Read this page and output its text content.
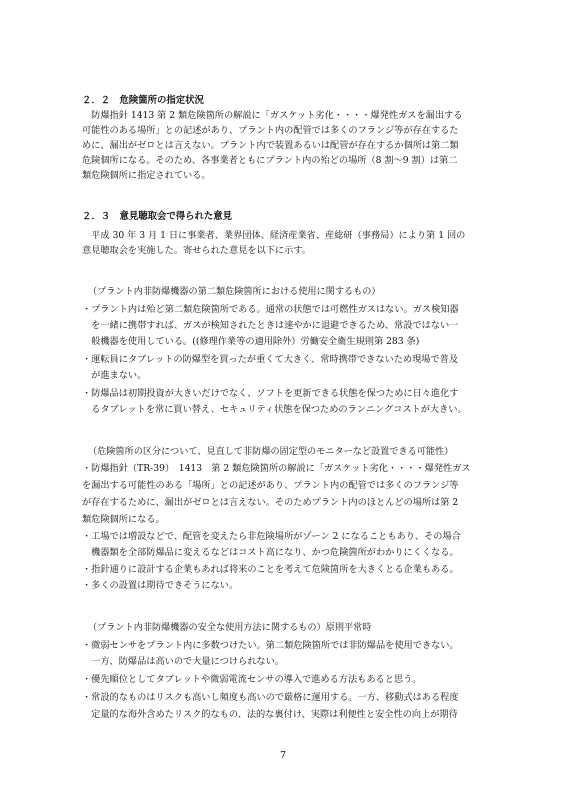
２．２　危険箇所の指定状況
　防爆指針 1413 第 2 類危険箇所の解説に「ガスケット劣化・・・・爆発性ガスを漏出する
可能性のある場所」との記述があり、プラント内の配管では多くのフランジ等が存在するた
めに、漏出がゼロとは言えない。プラント内で装置あるいは配管が存在するか個所は第二類
危険個所になる。そのため、各事業者ともにプラント内の殆どの場所（8 割〜9 割）は第二
類危険個所に指定されている。
２．３　意見聴取会で得られた意見
　平成 30 年 3 月 1 日に事業者、業界団体、経済産業省、産総研（事務局）により第 1 回の
意見聴取会を実施した。寄せられた意見を以下に示す。
（プラント内非防爆機器の第二類危険箇所における使用に関するもの）
・プラント内は殆ど第二類危険箇所である。通常の状態では可燃性ガスはない。ガス検知器
　を一緒に携帯すれば、ガスが検知されたときは速やかに退避できるため、常設ではない一
　般機器を使用している。((修理作業等の適用除外）労働安全衛生規則第 283 条)
・運転員にタブレットの防爆型を買ったが重くて大きく、常時携帯できないため現場で普及
　が進まない。
・防爆品は初期投資が大きいだけでなく、ソフトを更新できる状態を保つために日々進化す
　るタブレットを常に買い替え、セキュリティ状態を保つためのランニングコストが大きい。
（危険箇所の区分について、見直して非防爆の固定型のモニターなど設置できる可能性）
・防爆指針（TR-39）　1413　第 2 類危険箇所の解説に「ガスケット劣化・・・・爆発性ガス
を漏出する可能性のある「場所」との記述があり、プラント内の配管では多くのフランジ等
が存在するために、漏出がゼロとは言えない。そのためプラント内のほとんどの場所は第 2
類危険個所になる。
・工場では増設などで、配管を変えたら非危険場所がゾーン 2 になることもあり、その場合
　機器類を全部防爆品に変えるなどはコスト高になり、かつ危険箇所がわかりにくくなる。
・指針通りに設計する企業もあれば将来のことを考えて危険箇所を大きくとる企業もある。
・多くの設置は期待できそうにない。
（プラント内非防爆機器の安全な使用方法に関するもの）原則平常時
・微弱センサをプラント内に多数つけたい。第二類危険箇所では非防爆品を使用できない。
　一方、防爆品は高いので大量につけられない。
・優先順位としてタブレットや微弱電流センサの導入で進める方法もあると思う。
・常設的なものはリスクも高いし頻度も高いので厳格に運用する。一方、移動式はある程度
　定量的な海外含めたリスク的なもの、法的な裏付け、実際は利便性と安全性の向上が期待
7
